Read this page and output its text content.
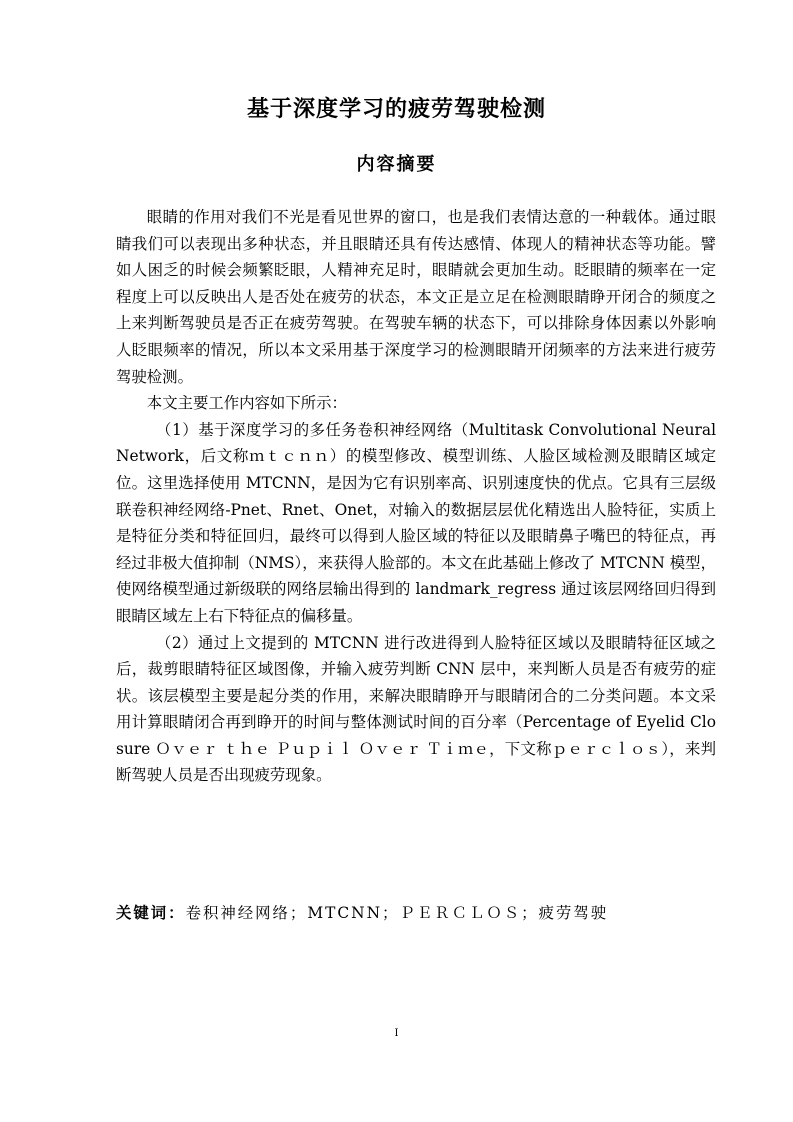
基于深度学习的疲劳驾驶检测
内容摘要

眼睛的作用对我们不光是看见世界的窗口，也是我们表情达意的一种载体。通过眼睛我们可以表现出多种状态，并且眼睛还具有传达感情、体现人的精神状态等功能。譬如人困乏的时候会频繁眨眼，人精神充足时，眼睛就会更加生动。眨眼睛的频率在一定程度上可以反映出人是否处在疲劳的状态，本文正是立足在检测眼睛睁开闭合的频度之上来判断驾驶员是否正在疲劳驾驶。在驾驶车辆的状态下，可以排除身体因素以外影响人眨眼频率的情况，所以本文采用基于深度学习的检测眼睛开闭频率的方法来进行疲劳驾驶检测。

本文主要工作内容如下所示：

（1）基于深度学习的多任务卷积神经网络（Multitask Convolutional Neural Network，后文称ｍｔｃｎｎ）的模型修改、模型训练、人脸区域检测及眼睛区域定位。这里选择使用 MTCNN，是因为它有识别率高、识别速度快的优点。它具有三层级联卷积神经网络-Pnet、Rnet、Onet，对输入的数据层层优化精选出人脸特征，实质上是特征分类和特征回归，最终可以得到人脸区域的特征以及眼睛鼻子嘴巴的特征点，再经过非极大值抑制（NMS），来获得人脸部的。本文在此基础上修改了 MTCNN 模型，使网络模型通过新级联的网络层输出得到的 landmark_regress 通过该层网络回归得到眼睛区域左上右下特征点的偏移量。

（2）通过上文提到的 MTCNN 进行改进得到人脸特征区域以及眼睛特征区域之后，裁剪眼睛特征区域图像，并输入疲劳判断 CNN 层中，来判断人员是否有疲劳的症状。该层模型主要是起分类的作用，来解决眼睛睁开与眼睛闭合的二分类问题。本文采用计算眼睛闭合再到睁开的时间与整体测试时间的百分率（Percentage of Eyelid Closure Ｏｖｅｒ ｔｈｅ Ｐｕｐｉｌ Ｏｖｅｒ Ｔｉｍｅ，下文称ｐｅｒｃｌｏｓ），来判断驾驶人员是否出现疲劳现象。

关键词：卷积神经网络；MTCNN；ＰＥＲＣＬＯＳ；疲劳驾驶
I
